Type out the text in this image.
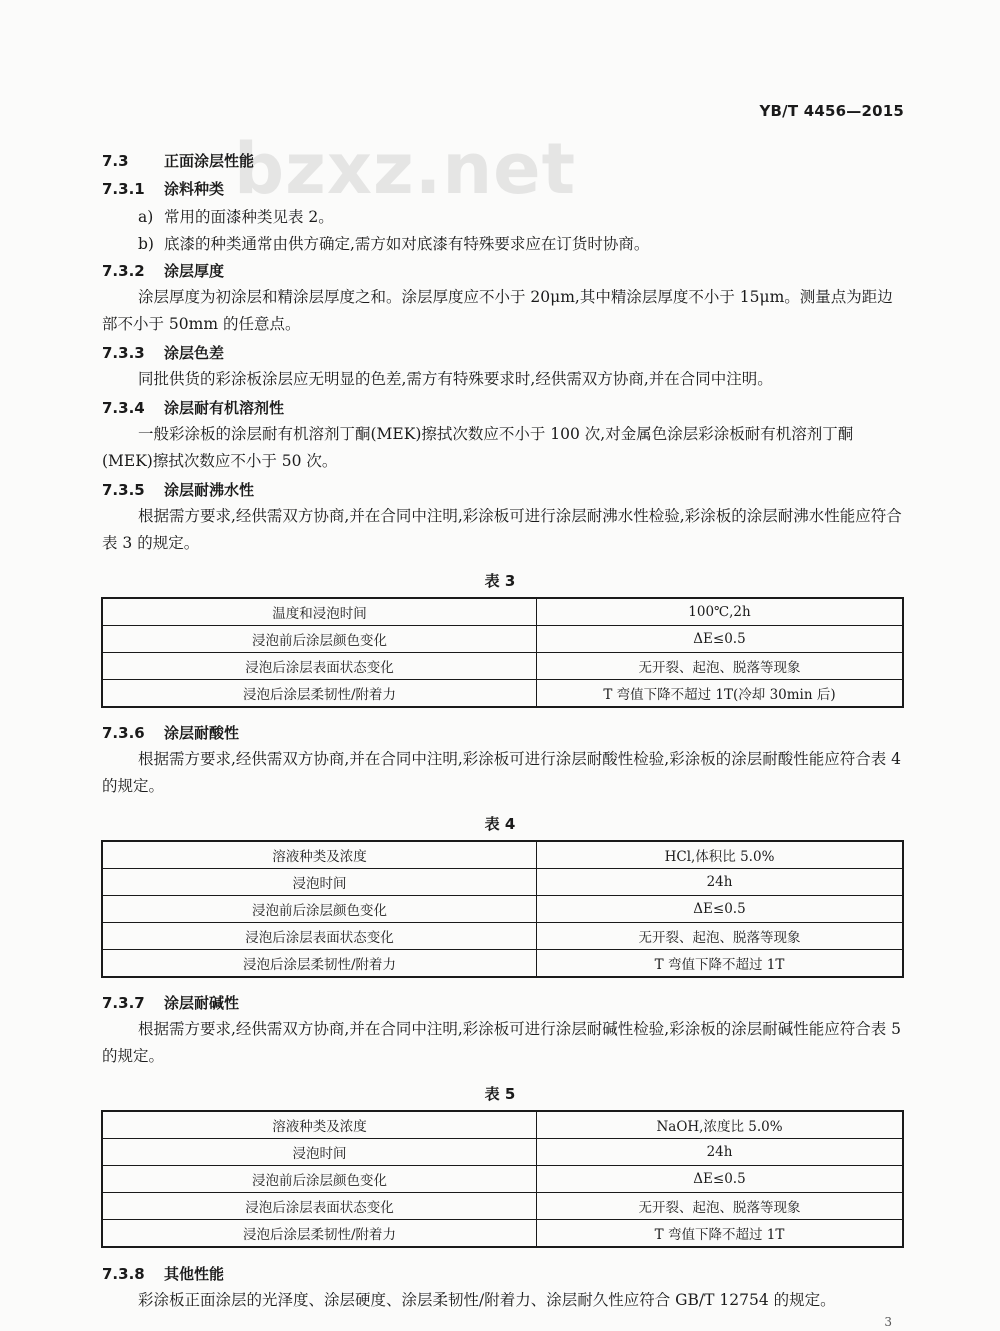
YB/T 4456—2015
bzxz.net
7.3 正面涂层性能
7.3.1 涂料种类
a) 常用的面漆种类见表 2。
b) 底漆的种类通常由供方确定,需方如对底漆有特殊要求应在订货时协商。
7.3.2 涂层厚度

涂层厚度为初涂层和精涂层厚度之和。涂层厚度应不小于 20μm,其中精涂层厚度不小于 15μm。测量点为距边部不小于 50mm 的任意点。

7.3.3 涂层色差

同批供货的彩涂板涂层应无明显的色差,需方有特殊要求时,经供需双方协商,并在合同中注明。

7.3.4 涂层耐有机溶剂性

一般彩涂板的涂层耐有机溶剂丁酮(MEK)擦拭次数应不小于 100 次,对金属色涂层彩涂板耐有机溶剂丁酮(MEK)擦拭次数应不小于 50 次。

7.3.5 涂层耐沸水性

根据需方要求,经供需双方协商,并在合同中注明,彩涂板可进行涂层耐沸水性检验,彩涂板的涂层耐沸水性能应符合表 3 的规定。

表 3
温度和浸泡时间	100℃,2h
浸泡前后涂层颜色变化	ΔE≤0.5
浸泡后涂层表面状态变化	无开裂、起泡、脱落等现象
浸泡后涂层柔韧性/附着力	T 弯值下降不超过 1T(冷却 30min 后)
7.3.6 涂层耐酸性

根据需方要求,经供需双方协商,并在合同中注明,彩涂板可进行涂层耐酸性检验,彩涂板的涂层耐酸性能应符合表 4 的规定。

表 4
溶液种类及浓度	HCl,体积比 5.0%
浸泡时间	24h
浸泡前后涂层颜色变化	ΔE≤0.5
浸泡后涂层表面状态变化	无开裂、起泡、脱落等现象
浸泡后涂层柔韧性/附着力	T 弯值下降不超过 1T
7.3.7 涂层耐碱性

根据需方要求,经供需双方协商,并在合同中注明,彩涂板可进行涂层耐碱性检验,彩涂板的涂层耐碱性能应符合表 5 的规定。

表 5
溶液种类及浓度	NaOH,浓度比 5.0%
浸泡时间	24h
浸泡前后涂层颜色变化	ΔE≤0.5
浸泡后涂层表面状态变化	无开裂、起泡、脱落等现象
浸泡后涂层柔韧性/附着力	T 弯值下降不超过 1T
7.3.8 其他性能

彩涂板正面涂层的光泽度、涂层硬度、涂层柔韧性/附着力、涂层耐久性应符合 GB/T 12754 的规定。

3
